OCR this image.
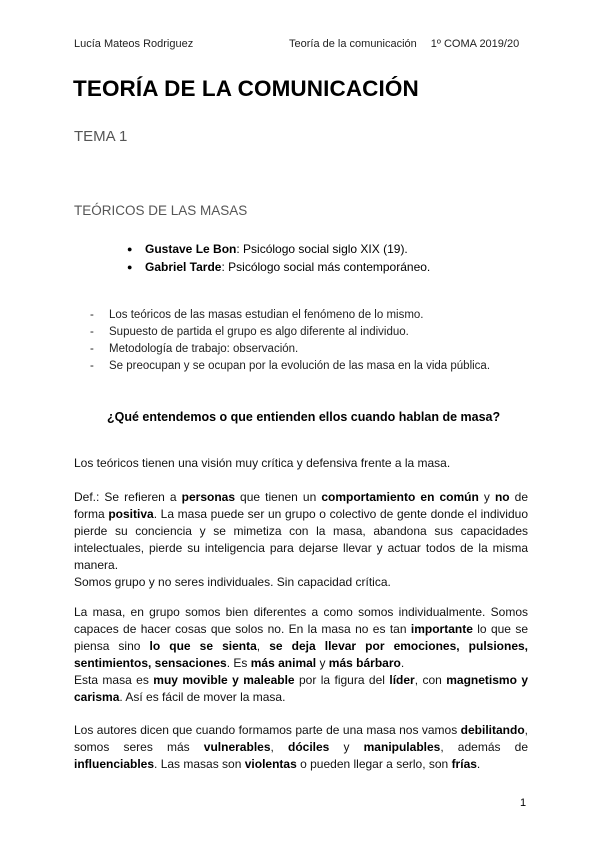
Lucía Mateos Rodriguez	Teoría de la comunicación 1º COMA 2019/20
TEORÍA DE LA COMUNICACIÓN
TEMA 1
TEÓRICOS DE LAS MASAS
● Gustave Le Bon: Psicólogo social siglo XIX (19).
● Gabriel Tarde: Psicólogo social más contemporáneo.
- Los teóricos de las masas estudian el fenómeno de lo mismo.
- Supuesto de partida el grupo es algo diferente al individuo.
- Metodología de trabajo: observación.
- Se preocupan y se ocupan por la evolución de las masa en la vida pública.

¿Qué entendemos o que entienden ellos cuando hablan de masa?

Los teóricos tienen una visión muy crítica y defensiva frente a la masa.

Def.: Se refieren a personas que tienen un comportamiento en común y no de forma positiva. La masa puede ser un grupo o colectivo de gente donde el individuo pierde su conciencia y se mimetiza con la masa, abandona sus capacidades intelectuales, pierde su inteligencia para dejarse llevar y actuar todos de la misma manera.
Somos grupo y no seres individuales. Sin capacidad crítica.

La masa, en grupo somos bien diferentes a como somos individualmente. Somos capaces de hacer cosas que solos no. En la masa no es tan importante lo que se piensa sino lo que se sienta, se deja llevar por emociones, pulsiones, sentimientos, sensaciones. Es más animal y más bárbaro.
Esta masa es muy movible y maleable por la figura del líder, con magnetismo y carisma. Así es fácil de mover la masa.

Los autores dicen que cuando formamos parte de una masa nos vamos debilitando, somos seres más vulnerables, dóciles y manipulables, además de influenciables. Las masas son violentas o pueden llegar a serlo, son frías.

1
